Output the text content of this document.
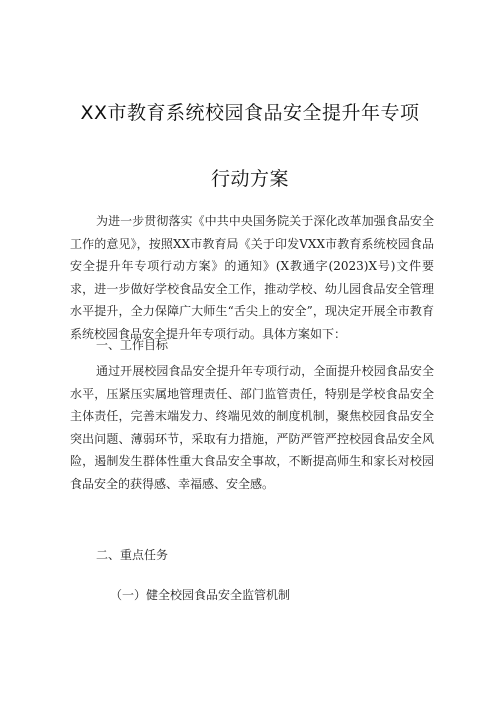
XX市教育系统校园食品安全提升年专项
行动方案

为进一步贯彻落实《中共中央国务院关于深化改革加强食品安全工作的意见》，按照XX市教育局《关于印发VXX市教育系统校园食品安全提升年专项行动方案》的通知》(X教通字(2023)X号)文件要求，进一步做好学校食品安全工作，推动学校、幼儿园食品安全管理水平提升，全力保障广大师生“舌尖上的安全”，现决定开展全市教育系统校园食品安全提升年专项行动。具体方案如下：

一、工作目标

通过开展校园食品安全提升年专项行动，全面提升校园食品安全水平，压紧压实属地管理责任、部门监管责任，特别是学校食品安全主体责任，完善末端发力、终端见效的制度机制，聚焦校园食品安全突出问题、薄弱环节，采取有力措施，严防严管严控校园食品安全风险，遏制发生群体性重大食品安全事故，不断提高师生和家长对校园食品安全的获得感、幸福感、安全感。

二、重点任务

（一）健全校园食品安全监管机制
